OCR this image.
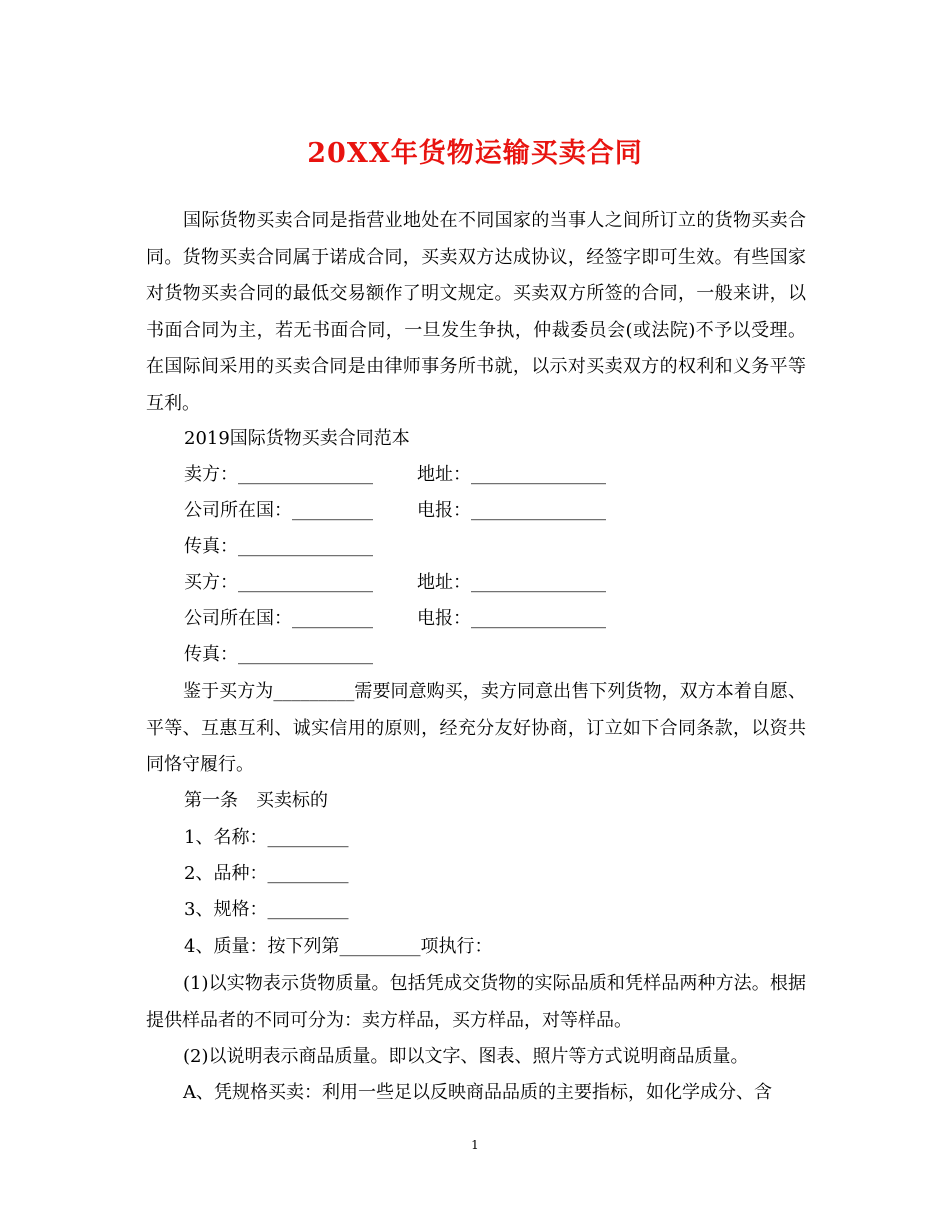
20XX年货物运输买卖合同
国际货物买卖合同是指营业地处在不同国家的当事人之间所订立的货物买卖合同。货物买卖合同属于诺成合同，买卖双方达成协议，经签字即可生效。有些国家对货物买卖合同的最低交易额作了明文规定。买卖双方所签的合同，一般来讲，以书面合同为主，若无书面合同，一旦发生争执，仲裁委员会(或法院)不予以受理。在国际间采用的买卖合同是由律师事务所书就，以示对买卖双方的权利和义务平等互利。
2019国际货物买卖合同范本
卖方：_______________ 地址：_______________
公司所在国：_________ 电报：_______________
传真：_______________
买方：_______________ 地址：_______________
公司所在国：_________ 电报：_______________
传真：_______________
鉴于买方为_________需要同意购买，卖方同意出售下列货物，双方本着自愿、平等、互惠互利、诚实信用的原则，经充分友好协商，订立如下合同条款，以资共同恪守履行。
第一条　买卖标的
1、名称：_________
2、品种：_________
3、规格：_________
4、质量：按下列第_________项执行：
(1)以实物表示货物质量。包括凭成交货物的实际品质和凭样品两种方法。根据提供样品者的不同可分为：卖方样品，买方样品，对等样品。
(2)以说明表示商品质量。即以文字、图表、照片等方式说明商品质量。
A、凭规格买卖：利用一些足以反映商品品质的主要指标，如化学成分、含
1
